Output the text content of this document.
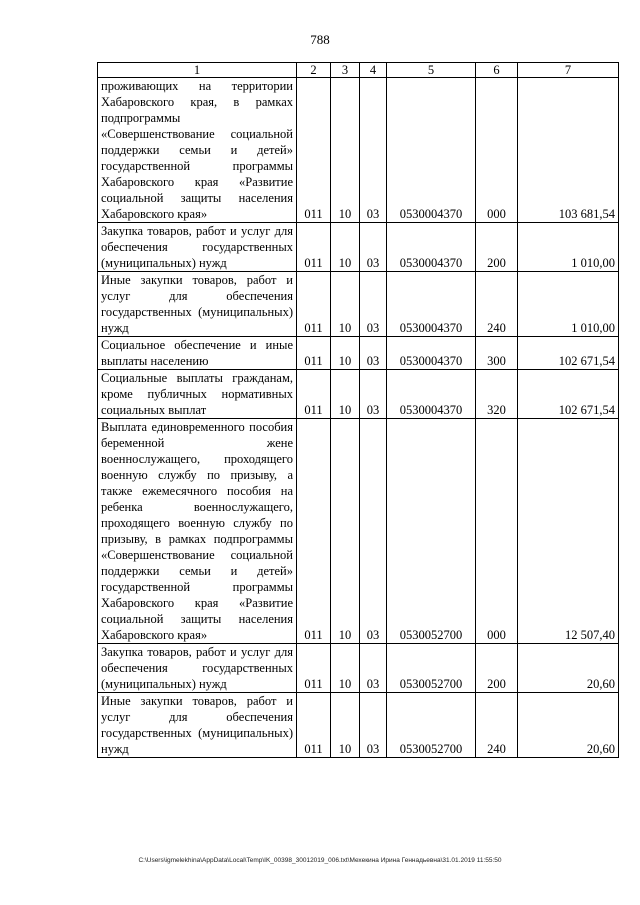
788
1	2	3	4	5	6	7
проживающих на территории Хабаровского края, в рамках подпрограммы «Совершенствование социальной поддержки семьи и детей» государственной программы Хабаровского края «Развитие социальной защиты населения Хабаровского края»	011	10	03	0530004370	000	103 681,54
Закупка товаров, работ и услуг для обеспечения государственных (муниципальных) нужд	011	10	03	0530004370	200	1 010,00
Иные закупки товаров, работ и услуг для обеспечения государственных (муниципальных) нужд	011	10	03	0530004370	240	1 010,00
Социальное обеспечение и иные выплаты населению	011	10	03	0530004370	300	102 671,54
Социальные выплаты гражданам, кроме публичных нормативных социальных выплат	011	10	03	0530004370	320	102 671,54
Выплата единовременного пособия беременной жене военнослужащего, проходящего военную службу по призыву, а также ежемесячного пособия на ребенка военнослужащего, проходящего военную службу по призыву, в рамках подпрограммы «Совершенствование социальной поддержки семьи и детей» государственной программы Хабаровского края «Развитие социальной защиты населения Хабаровского края»	011	10	03	0530052700	000	12 507,40
Закупка товаров, работ и услуг для обеспечения государственных (муниципальных) нужд	011	10	03	0530052700	200	20,60
Иные закупки товаров, работ и услуг для обеспечения государственных (муниципальных) нужд	011	10	03	0530052700	240	20,60
C:\Users\igmelekhina\AppData\Local\Temp\IK_00398_30012019_006.txt\Мехекина Ирина Геннадьевна\31.01.2019 11:55:50
